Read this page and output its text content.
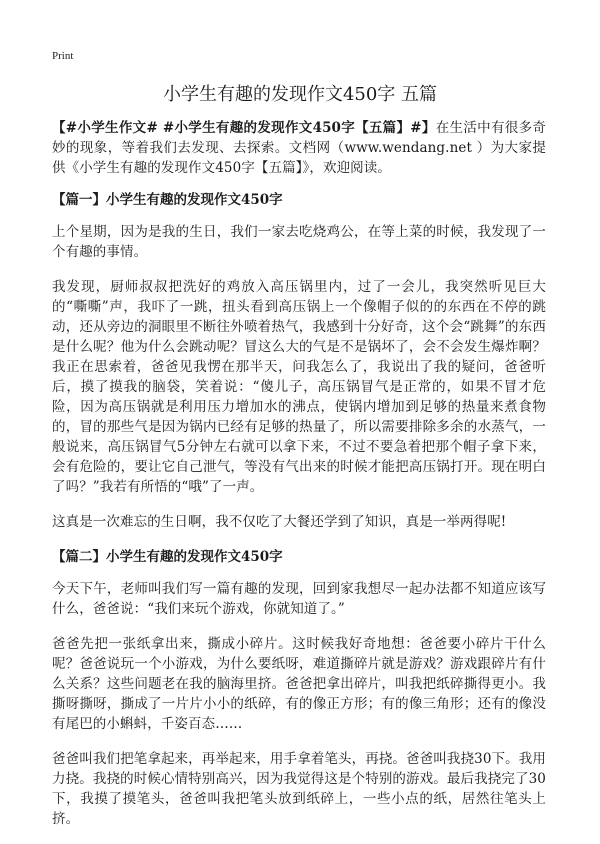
Print
小学生有趣的发现作文450字 五篇

【#小学生作文# #小学生有趣的发现作文450字【五篇】#】在生活中有很多奇妙的现象，等着我们去发现、去探索。文档网（www.wendang.net ）为大家提供《小学生有趣的发现作文450字【五篇】》，欢迎阅读。

【篇一】小学生有趣的发现作文450字

上个星期，因为是我的生日，我们一家去吃烧鸡公，在等上菜的时候，我发现了一个有趣的事情。

我发现，厨师叔叔把洗好的鸡放入高压锅里内，过了一会儿，我突然听见巨大的“嘶嘶”声，我吓了一跳，扭头看到高压锅上一个像帽子似的的东西在不停的跳动，还从旁边的洞眼里不断往外喷着热气，我感到十分好奇，这个会“跳舞”的东西是什么呢？他为什么会跳动呢？冒这么大的气是不是锅坏了，会不会发生爆炸啊？我正在思索着，爸爸见我愣在那半天，问我怎么了，我说出了我的疑问，爸爸听后，摸了摸我的脑袋，笑着说：“傻儿子，高压锅冒气是正常的，如果不冒才危险，因为高压锅就是利用压力增加水的沸点，使锅内增加到足够的热量来煮食物的，冒的那些气是因为锅内已经有足够的热量了，所以需要排除多余的水蒸气，一般说来，高压锅冒气5分钟左右就可以拿下来，不过不要急着把那个帽子拿下来，会有危险的，要让它自己泄气，等没有气出来的时候才能把高压锅打开。现在明白了吗？”我若有所悟的“哦”了一声。

这真是一次难忘的生日啊，我不仅吃了大餐还学到了知识，真是一举两得呢!

【篇二】小学生有趣的发现作文450字

今天下午，老师叫我们写一篇有趣的发现，回到家我想尽一起办法都不知道应该写什么，爸爸说：“我们来玩个游戏，你就知道了。”

爸爸先把一张纸拿出来，撕成小碎片。这时候我好奇地想：爸爸要小碎片干什么呢？爸爸说玩一个小游戏，为什么要纸呀，难道撕碎片就是游戏？游戏跟碎片有什么关系？这些问题老在我的脑海里挤。爸爸把拿出碎片，叫我把纸碎撕得更小。我撕呀撕呀，撕成了一片片小小的纸碎，有的像正方形；有的像三角形；还有的像没有尾巴的小蝌蚪，千姿百态……

爸爸叫我们把笔拿起来，再举起来，用手拿着笔头，再挠。爸爸叫我挠30下。我用力挠。我挠的时候心情特别高兴，因为我觉得这是个特别的游戏。最后我挠完了30下，我摸了摸笔头，爸爸叫我把笔头放到纸碎上，一些小点的纸，居然往笔头上挤。
